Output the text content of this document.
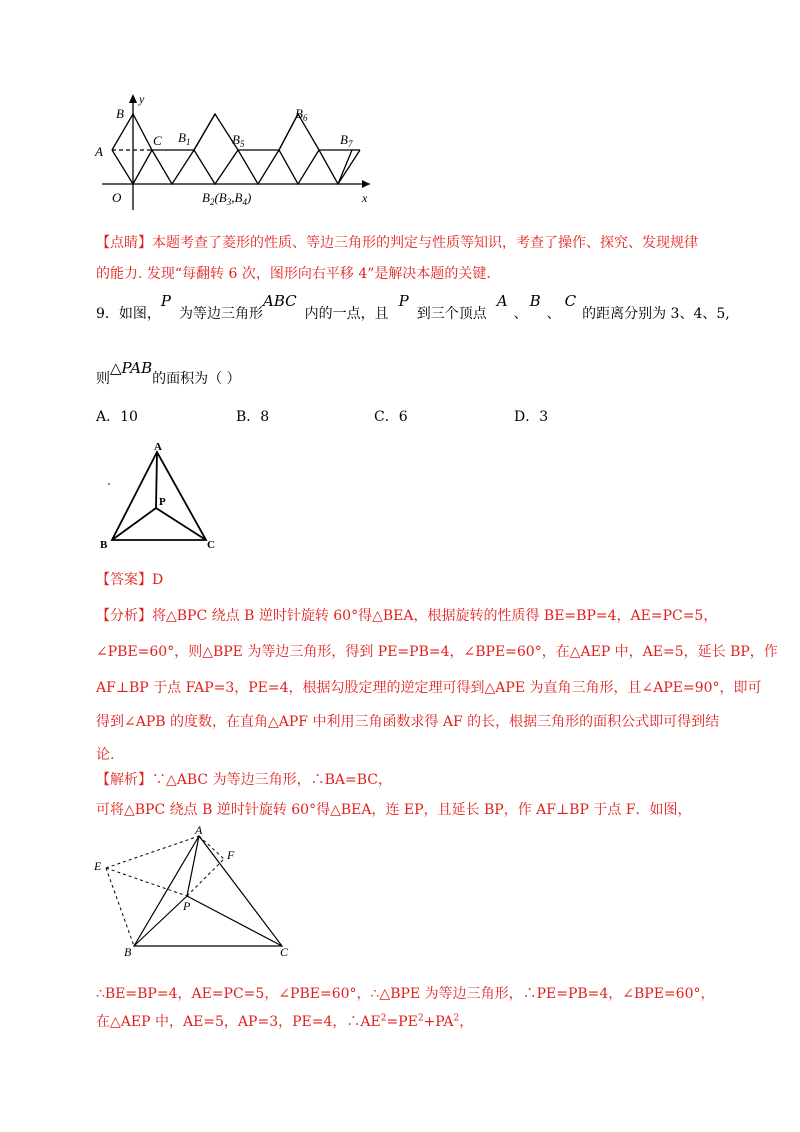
y
B
A
C
O	x
$B_1$	$B_5$
$B_6$
$B_7$
$B_2(B_3,B_4)$
【点睛】本题考查了菱形的性质、等边三角形的判定与性质等知识，考查了操作、探究、发现规律
的能力. 发现“每翻转 6 次，图形向右平移 4”是解决本题的关键.
9．如图，P为等边三角形ABC内的一点，且P到三个顶点A、B、C的距离分别为 3、4、5,
则△PAB的面积为（ ）
A．10	B．8	C．6	D．3
A
P
B	C
【答案】D
【分析】将△BPC 绕点 B 逆时针旋转 60°得△BEA，根据旋转的性质得 BE=BP=4，AE=PC=5，
∠PBE=60°，则△BPE 为等边三角形，得到 PE=PB=4，∠BPE=60°，在△AEP 中，AE=5，延长 BP，作
AF⊥BP 于点 FAP=3，PE=4，根据勾股定理的逆定理可得到△APE 为直角三角形，且∠APE=90°，即可
得到∠APB 的度数，在直角△APF 中利用三角函数求得 AF 的长，根据三角形的面积公式即可得到结
论.
【解析】∵△ABC 为等边三角形，∴BA=BC，
可将△BPC 绕点 B 逆时针旋转 60°得△BEA，连 EP，且延长 BP，作 AF⊥BP 于点 F．如图，
A
E
F
P
B	C
∴BE=BP=4，AE=PC=5，∠PBE=60°，∴△BPE 为等边三角形，∴PE=PB=4，∠BPE=60°，
在△AEP 中，AE=5，AP=3，PE=4，$\therefore AE^2=PE^2+PA^2$，
